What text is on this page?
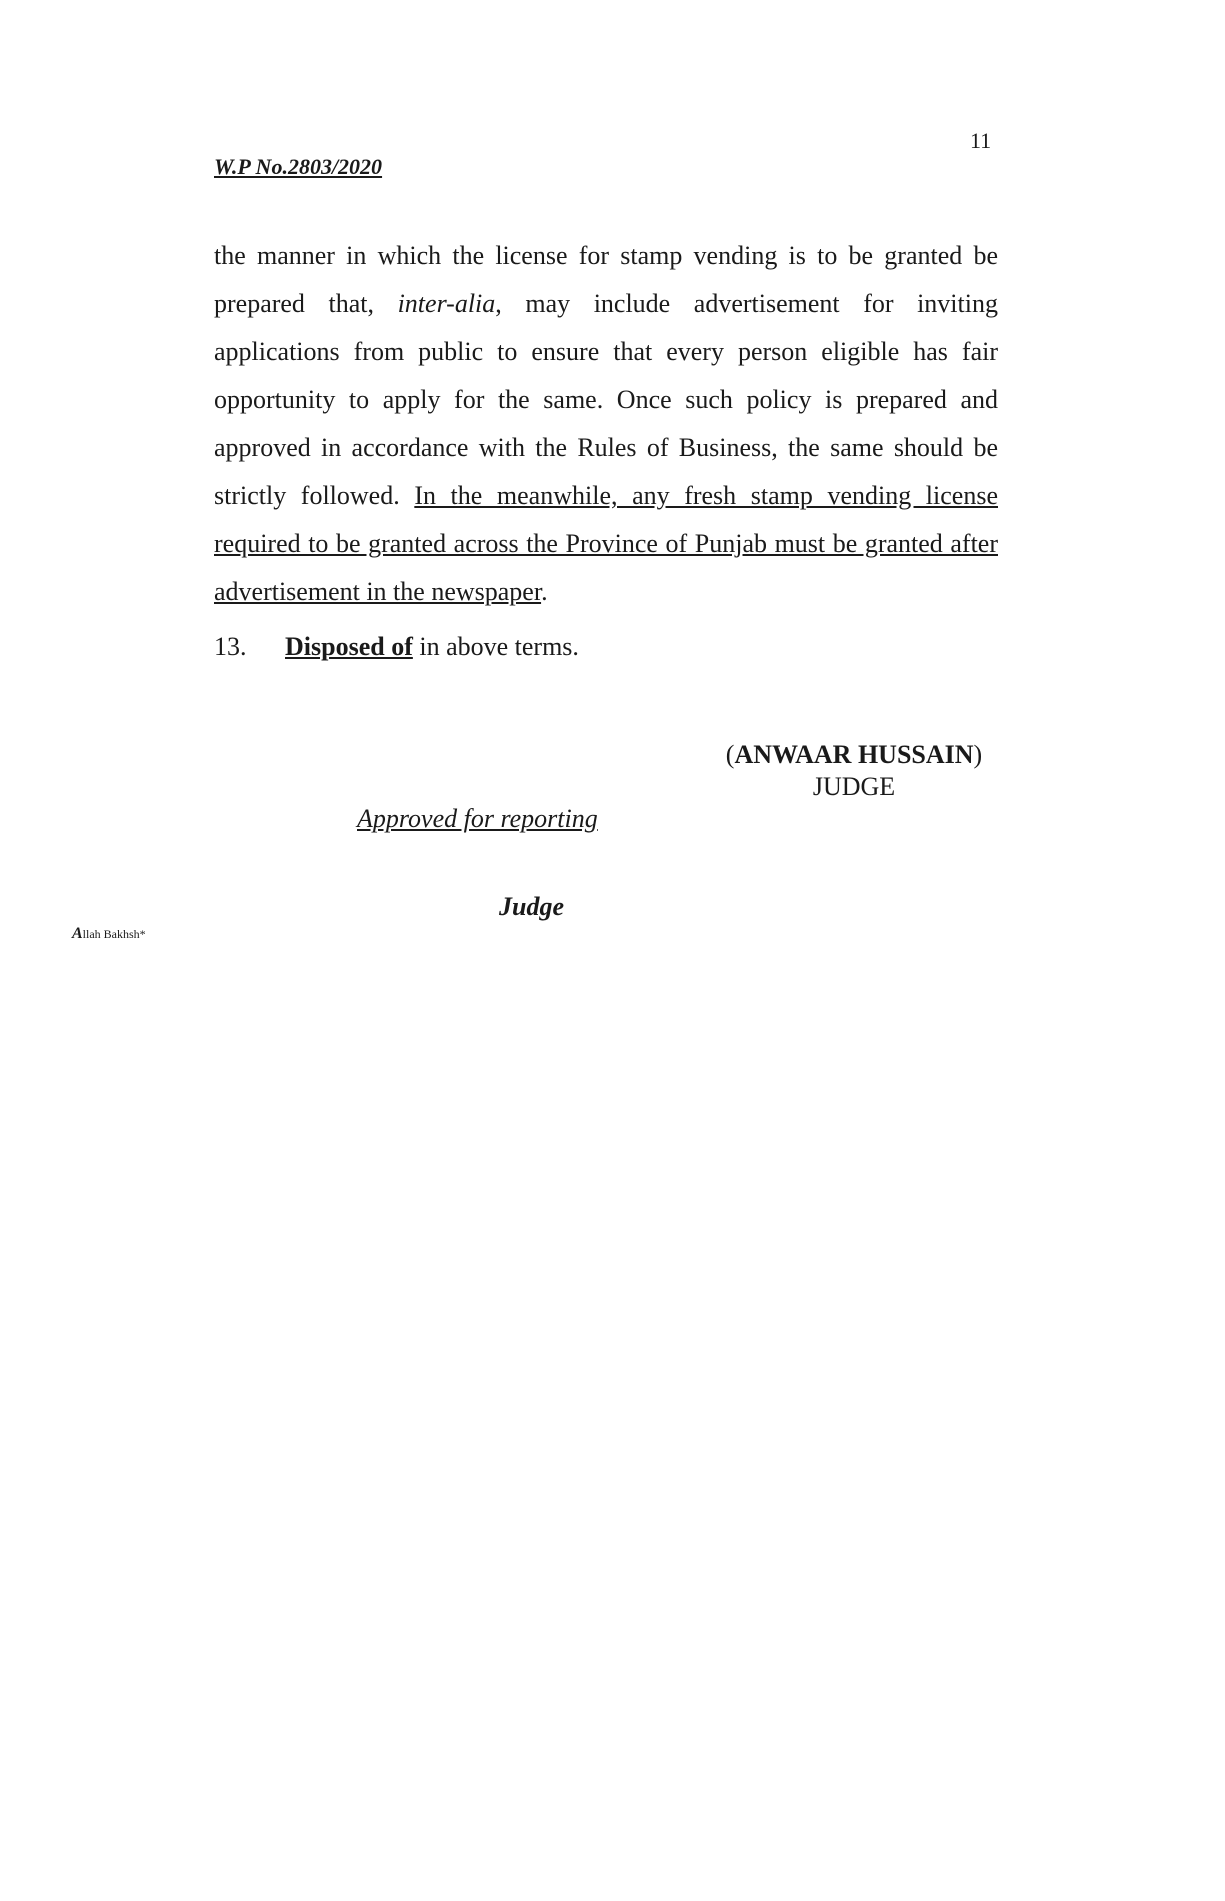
11
W.P No.2803/2020

the manner in which the license for stamp vending is to be granted be prepared that, inter-alia, may include advertisement for inviting applications from public to ensure that every person eligible has fair opportunity to apply for the same. Once such policy is prepared and approved in accordance with the Rules of Business, the same should be strictly followed. In the meanwhile, any fresh stamp vending license required to be granted across the Province of Punjab must be granted after advertisement in the newspaper.

13. Disposed of in above terms.
(ANWAAR HUSSAIN)
JUDGE
Approved for reporting
Judge
Allah Bakhsh*
